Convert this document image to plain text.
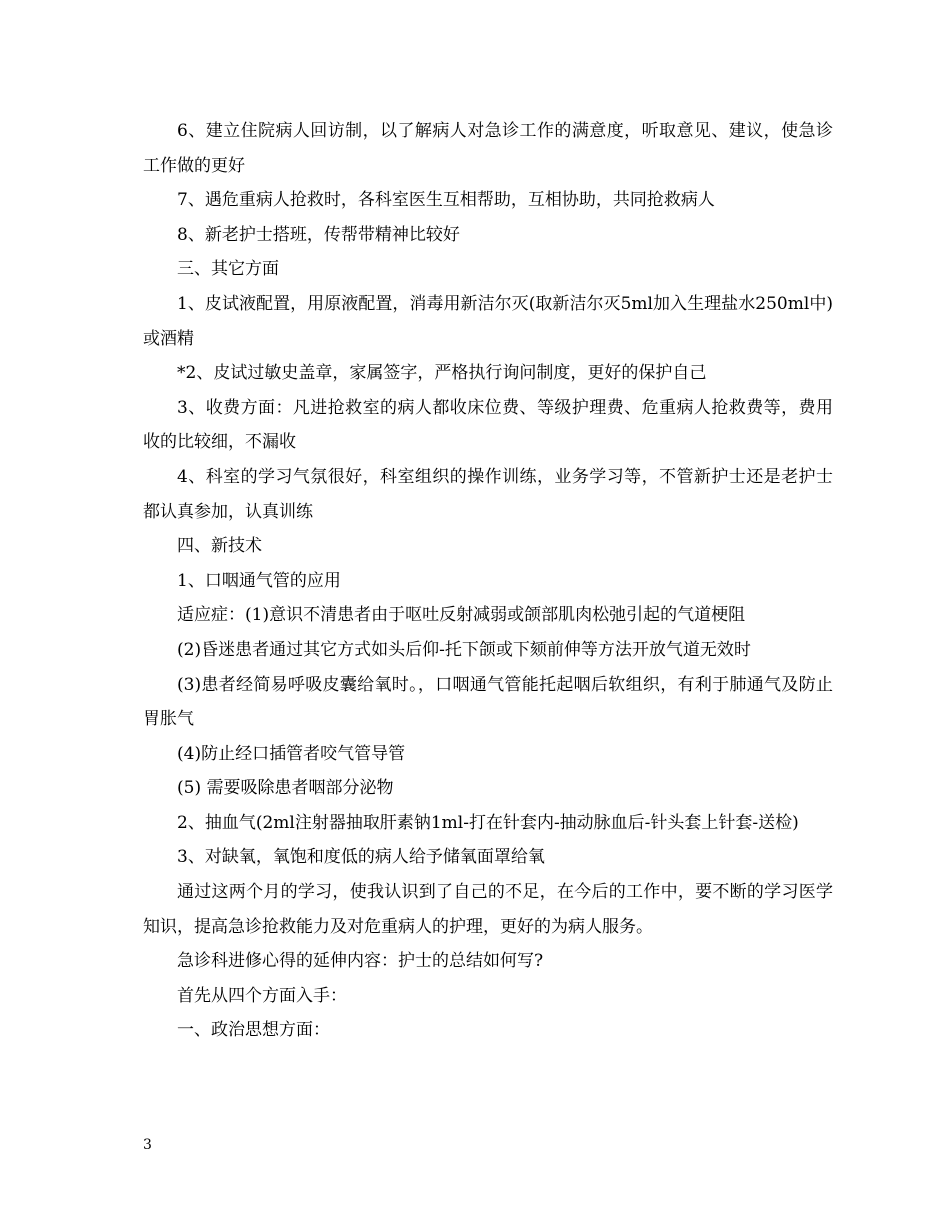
6、建立住院病人回访制，以了解病人对急诊工作的满意度，听取意见、建议，使急诊工作做的更好

7、遇危重病人抢救时，各科室医生互相帮助，互相协助，共同抢救病人

8、新老护士搭班，传帮带精神比较好

三、其它方面

1、皮试液配置，用原液配置，消毒用新洁尔灭(取新洁尔灭5ml加入生理盐水250ml中)或酒精

*2、皮试过敏史盖章，家属签字，严格执行询问制度，更好的保护自己

3、收费方面：凡进抢救室的病人都收床位费、等级护理费、危重病人抢救费等，费用收的比较细，不漏收

4、科室的学习气氛很好，科室组织的操作训练，业务学习等，不管新护士还是老护士都认真参加，认真训练

四、新技术

1、口咽通气管的应用

适应症：(1)意识不清患者由于呕吐反射减弱或颌部肌肉松弛引起的气道梗阻

(2)昏迷患者通过其它方式如头后仰-托下颌或下颏前伸等方法开放气道无效时

(3)患者经简易呼吸皮囊给氧时。，口咽通气管能托起咽后软组织，有利于肺通气及防止胃胀气

(4)防止经口插管者咬气管导管

(5) 需要吸除患者咽部分泌物

2、抽血气(2ml注射器抽取肝素钠1ml-打在针套内-抽动脉血后-针头套上针套-送检)

3、对缺氧，氧饱和度低的病人给予储氧面罩给氧

通过这两个月的学习，使我认识到了自己的不足，在今后的工作中，要不断的学习医学知识，提高急诊抢救能力及对危重病人的护理，更好的为病人服务。

急诊科进修心得的延伸内容：护士的总结如何写?

首先从四个方面入手：

一、政治思想方面：

3
